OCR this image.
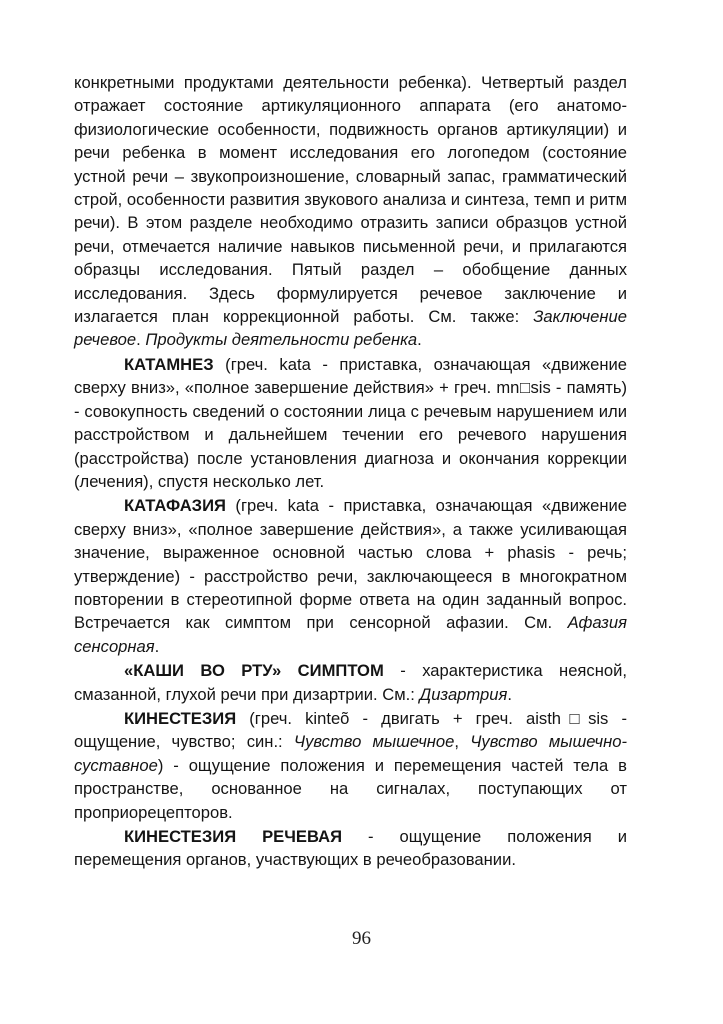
конкретными продуктами деятельности ребенка). Четвертый раздел отражает состояние артикуляционного аппарата (его анатомо-физиологические особенности, подвижность органов артикуляции) и речи ребенка в момент исследования его логопедом (состояние устной речи – звукопроизношение, словарный запас, грамматический строй, особенности развития звукового анализа и синтеза, темп и ритм речи). В этом разделе необходимо отразить записи образцов устной речи, отмечается наличие навыков письменной речи, и прилагаются образцы исследования. Пятый раздел – обобщение данных исследования. Здесь формулируется речевое заключение и излагается план коррекционной работы. См. также: Заключение речевое. Продукты деятельности ребенка.

КАТАМНЕЗ (греч. kata - приставка, означающая «движение сверху вниз», «полное завершение действия» + греч. mn□sis - память) - совокупность сведений о состоянии лица с речевым нарушением или расстройством и дальнейшем течении его речевого нарушения (расстройства) после установления диагноза и окончания коррекции (лечения), спустя несколько лет.

КАТАФАЗИЯ (греч. kata - приставка, означающая «движение сверху вниз», «полное завершение действия», а также усиливающая значение, выраженное основной частью слова + phasis - речь; утверждение) - расстройство речи, заключающееся в многократном повторении в стереотипной форме ответа на один заданный вопрос. Встречается как симптом при сенсорной афазии. См. Афазия сенсорная.

«КАШИ ВО РТУ» СИМПТОМ - характеристика неясной, смазанной, глухой речи при дизартрии. См.: Дизартрия.

КИНЕСТЕЗИЯ (греч. kinteõ - двигать + греч. aisth□sis - ощущение, чувство; син.: Чувство мышечное, Чувство мышечно-суставное) - ощущение положения и перемещения частей тела в пространстве, основанное на сигналах, поступающих от проприорецепторов.

КИНЕСТЕЗИЯ РЕЧЕВАЯ - ощущение положения и перемещения органов, участвующих в речеобразовании.

96
